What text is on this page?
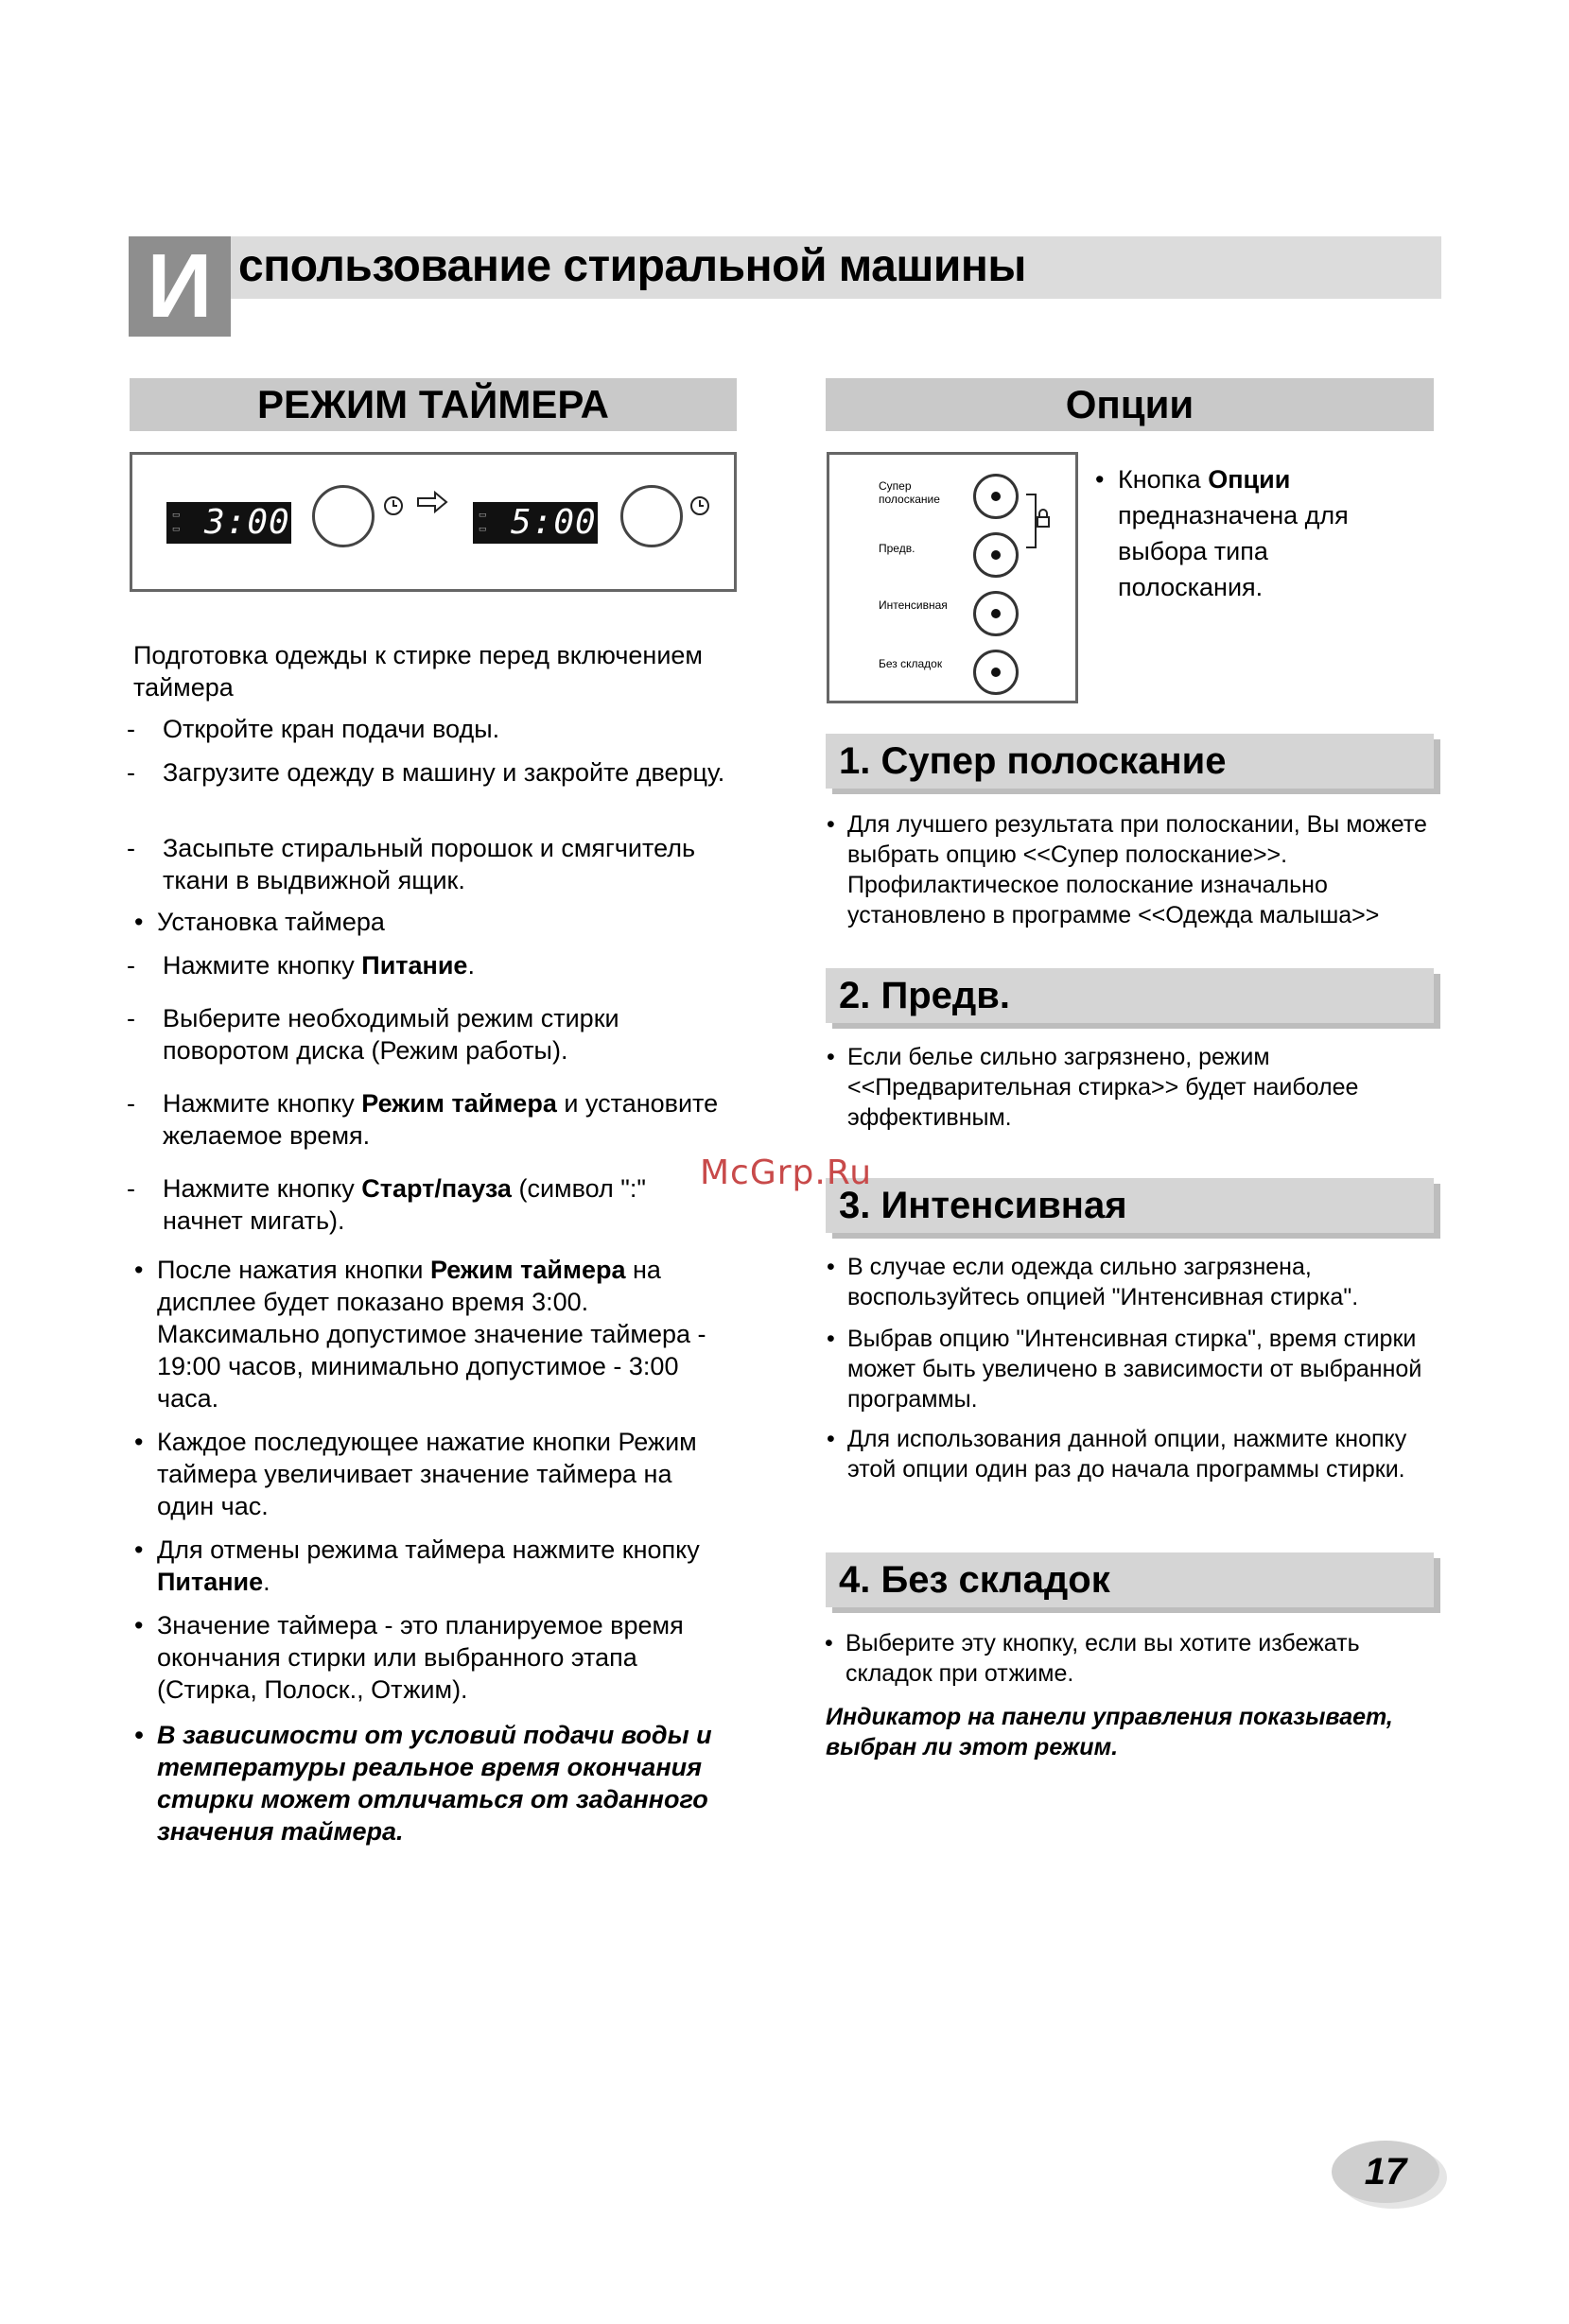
И спользование стиральной машины
РЕЖИМ ТАЙМЕРА
▭
▭ 3:00	▭
▭ 5:00
Подготовка одежды к стирке перед включением таймера
- Откройте кран подачи воды.
- Загрузите одежду в машину и закройте дверцу.
- Засыпьте стиральный порошок и смягчитель ткани в выдвижной ящик.
• Установка таймера
- Нажмите кнопку Питание.
- Выберите необходимый режим стирки поворотом диска (Режим работы).
- Нажмите кнопку Режим таймера и установите желаемое время.
- Нажмите кнопку Старт/пауза (символ ":" начнет мигать).
• После нажатия кнопки Режим таймера на дисплее будет показано время 3:00. Максимально допустимое значение таймера - 19:00 часов, минимально допустимое - 3:00 часа.
• Каждое последующее нажатие кнопки Режим таймера увеличивает значение таймера на один час.
• Для отмены режима таймера нажмите кнопку Питание.
• Значение таймера - это планируемое время окончания стирки или выбранного этапа (Стирка, Полоск., Отжим).
• В зависимости от условий подачи воды и температуры реальное время окончания стирки может отличаться от заданного значения таймера.
Опции
Супер полоскание
Предв.
Интенсивная
Без складок
• Кнопка Опции предназначена для выбора типа полоскания.
1. Супер полоскание
• Для лучшего результата при полоскании, Вы можете выбрать опцию <<Супер полоскание>>. Профилактическое полоскание изначально установлено в программе <<Одежда малыша>>
2. Предв.
• Если белье сильно загрязнено, режим <<Предварительная стирка>> будет наиболее эффективным.
3. Интенсивная
• В случае если одежда сильно загрязнена, воспользуйтесь опцией "Интенсивная стирка".
• Выбрав опцию "Интенсивная стирка", время стирки может быть увеличено в зависимости от выбранной программы.
• Для использования данной опции, нажмите кнопку этой опции один раз до начала программы стирки.
4. Без складок
• Выберите эту кнопку, если вы хотите избежать складок при отжиме.
Индикатор на панели управления показывает, выбран ли этот режим.
McGrp.Ru
17
